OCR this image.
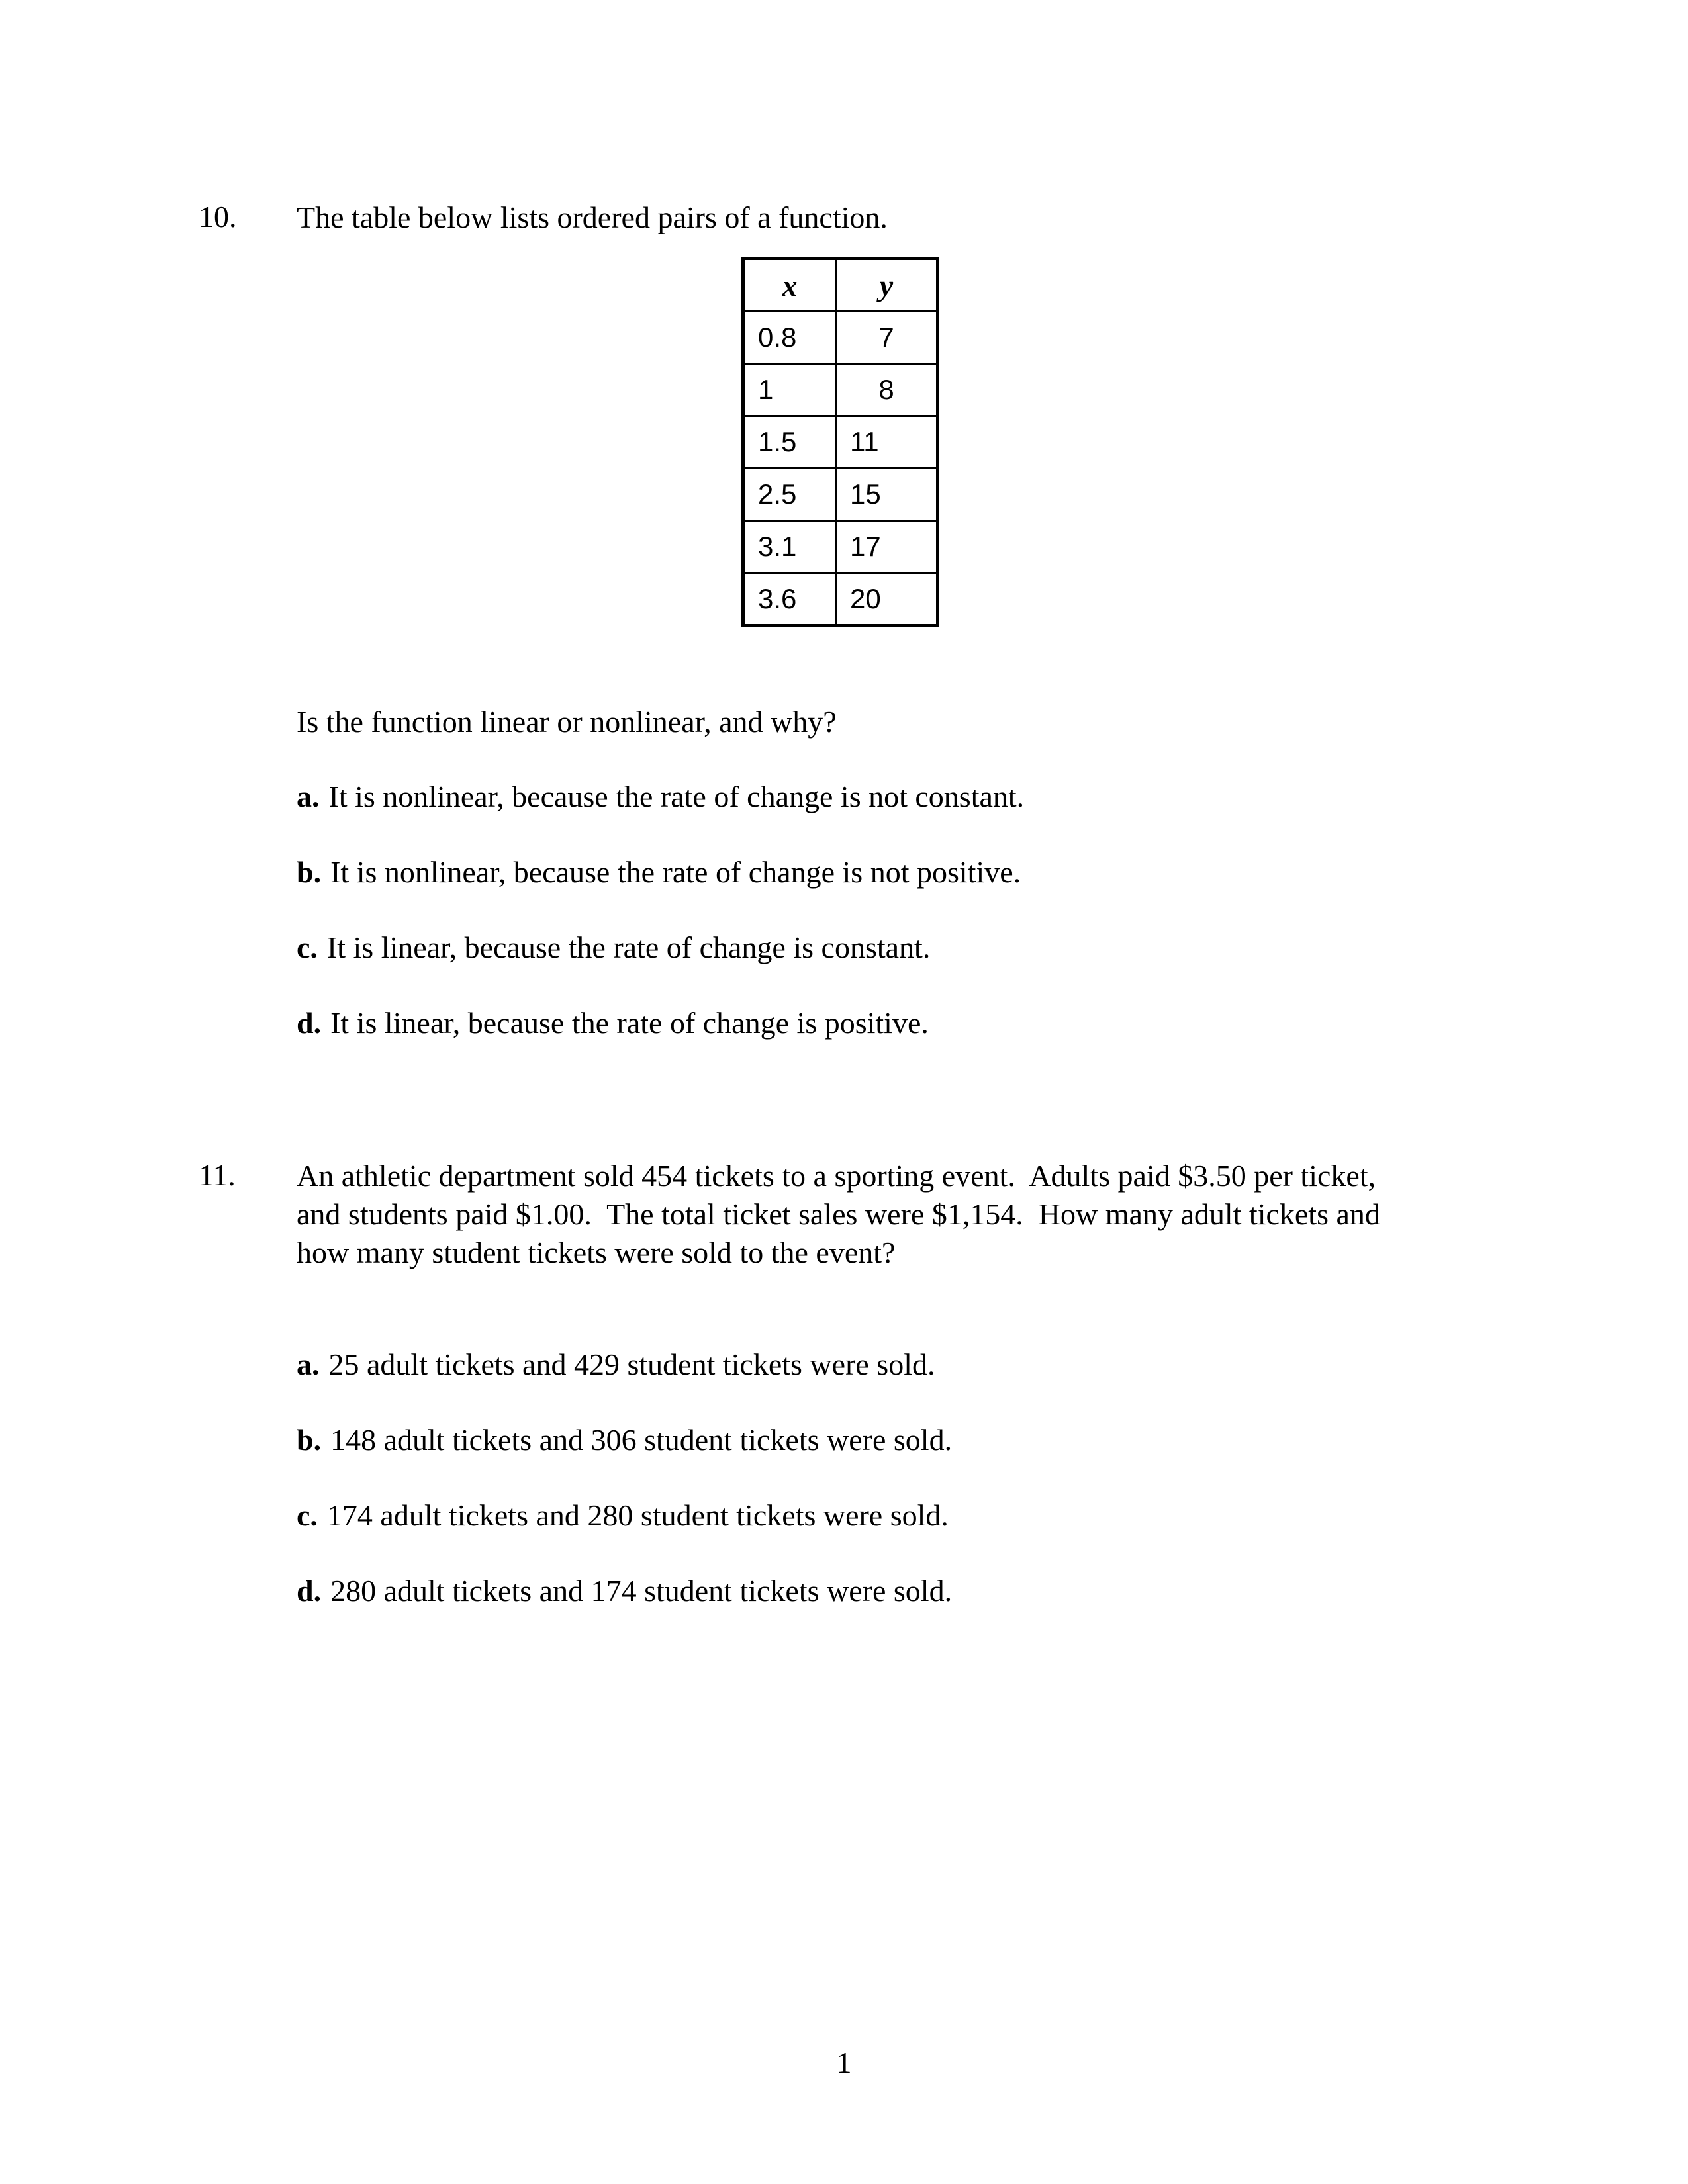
10. The table below lists ordered pairs of a function.
x	y
0.8	7
1	8
1.5	11
2.5	15
3.1	17
3.6	20
Is the function linear or nonlinear, and why?
a. It is nonlinear, because the rate of change is not constant.
b. It is nonlinear, because the rate of change is not positive.
c. It is linear, because the rate of change is constant.
d. It is linear, because the rate of change is positive.
11. An athletic department sold 454 tickets to a sporting event.  Adults paid $3.50 per ticket,
and students paid $1.00.  The total ticket sales were $1,154.  How many adult tickets and
how many student tickets were sold to the event?
a. 25 adult tickets and 429 student tickets were sold.
b. 148 adult tickets and 306 student tickets were sold.
c. 174 adult tickets and 280 student tickets were sold.
d. 280 adult tickets and 174 student tickets were sold.
1
